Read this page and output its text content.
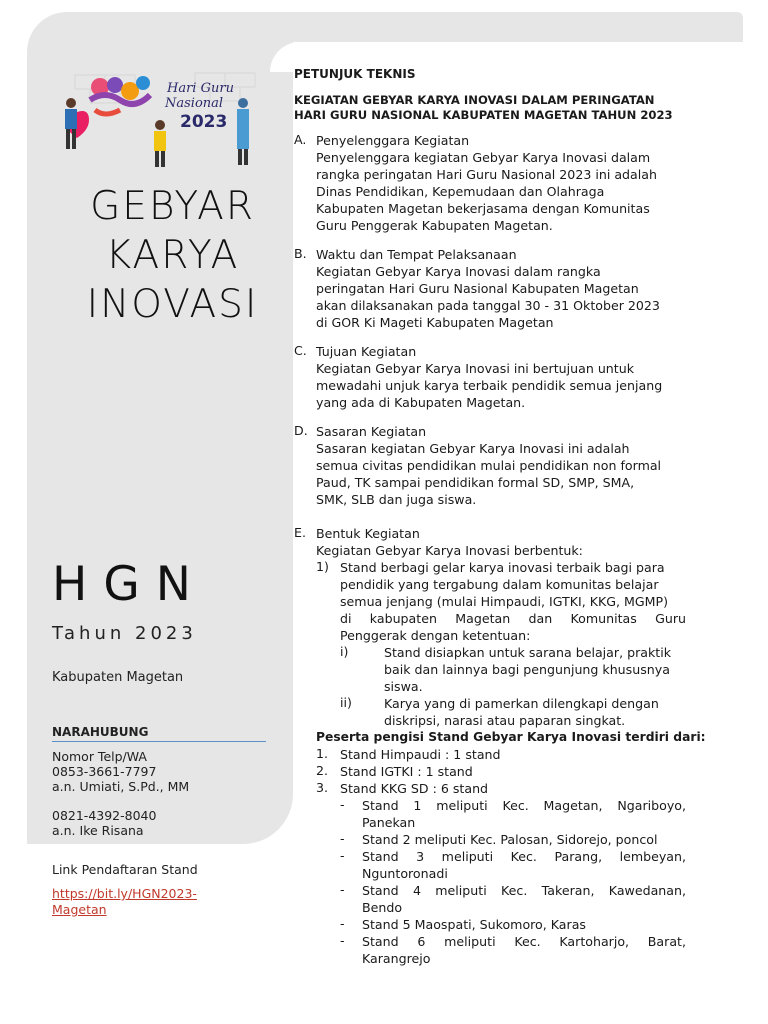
Hari Guru
Nasional
2023
GEBYAR
KARYA
INOVASI
HGN
Tahun 2023
Kabupaten Magetan
NARAHUBUNG
Nomor Telp/WA
0853-3661-7797
a.n. Umiati, S.Pd., MM
0821-4392-8040
a.n. Ike Risana
Link Pendaftaran Stand
https://bit.ly/HGN2023-Magetan
PETUNJUK TEKNIS
KEGIATAN GEBYAR KARYA INOVASI DALAM PERINGATAN
HARI GURU NASIONAL KABUPATEN MAGETAN TAHUN 2023
A. Penyelenggara Kegiatan
Penyelenggara kegiatan Gebyar Karya Inovasi dalam
rangka peringatan Hari Guru Nasional 2023 ini adalah
Dinas Pendidikan, Kepemudaan dan Olahraga
Kabupaten Magetan bekerjasama dengan Komunitas
Guru Penggerak Kabupaten Magetan.
B. Waktu dan Tempat Pelaksanaan
Kegiatan Gebyar Karya Inovasi dalam rangka
peringatan Hari Guru Nasional Kabupaten Magetan
akan dilaksanakan pada tanggal 30 - 31 Oktober 2023
di GOR Ki Mageti Kabupaten Magetan
C. Tujuan Kegiatan
Kegiatan Gebyar Karya Inovasi ini bertujuan untuk
mewadahi unjuk karya terbaik pendidik semua jenjang
yang ada di Kabupaten Magetan.
D. Sasaran Kegiatan
Sasaran kegiatan Gebyar Karya Inovasi ini adalah
semua civitas pendidikan mulai pendidikan non formal
Paud, TK sampai pendidikan formal SD, SMP, SMA,
SMK, SLB dan juga siswa.
E. Bentuk Kegiatan
Kegiatan Gebyar Karya Inovasi berbentuk:
1) Stand berbagi gelar karya inovasi terbaik bagi para
pendidik yang tergabung dalam komunitas belajar
semua jenjang (mulai Himpaudi, IGTKI, KKG, MGMP)
di kabupaten Magetan dan Komunitas Guru
Penggerak dengan ketentuan:
i)	Stand disiapkan untuk sarana belajar, praktik
baik dan lainnya bagi pengunjung khususnya
siswa.
ii)	Karya yang di pamerkan dilengkapi dengan
diskripsi, narasi atau paparan singkat.
Peserta pengisi Stand Gebyar Karya Inovasi terdiri dari:
1. Stand Himpaudi : 1 stand
2. Stand IGTKI : 1 stand
3. Stand KKG SD : 6 stand
- Stand 1 meliputi Kec. Magetan, Ngariboyo,
Panekan
- Stand 2 meliputi Kec. Palosan, Sidorejo, poncol
- Stand 3 meliputi Kec. Parang, lembeyan,
Nguntoronadi
- Stand 4 meliputi Kec. Takeran, Kawedanan,
Bendo
- Stand 5 Maospati, Sukomoro, Karas
- Stand 6 meliputi Kec. Kartoharjo, Barat,
Karangrejo
